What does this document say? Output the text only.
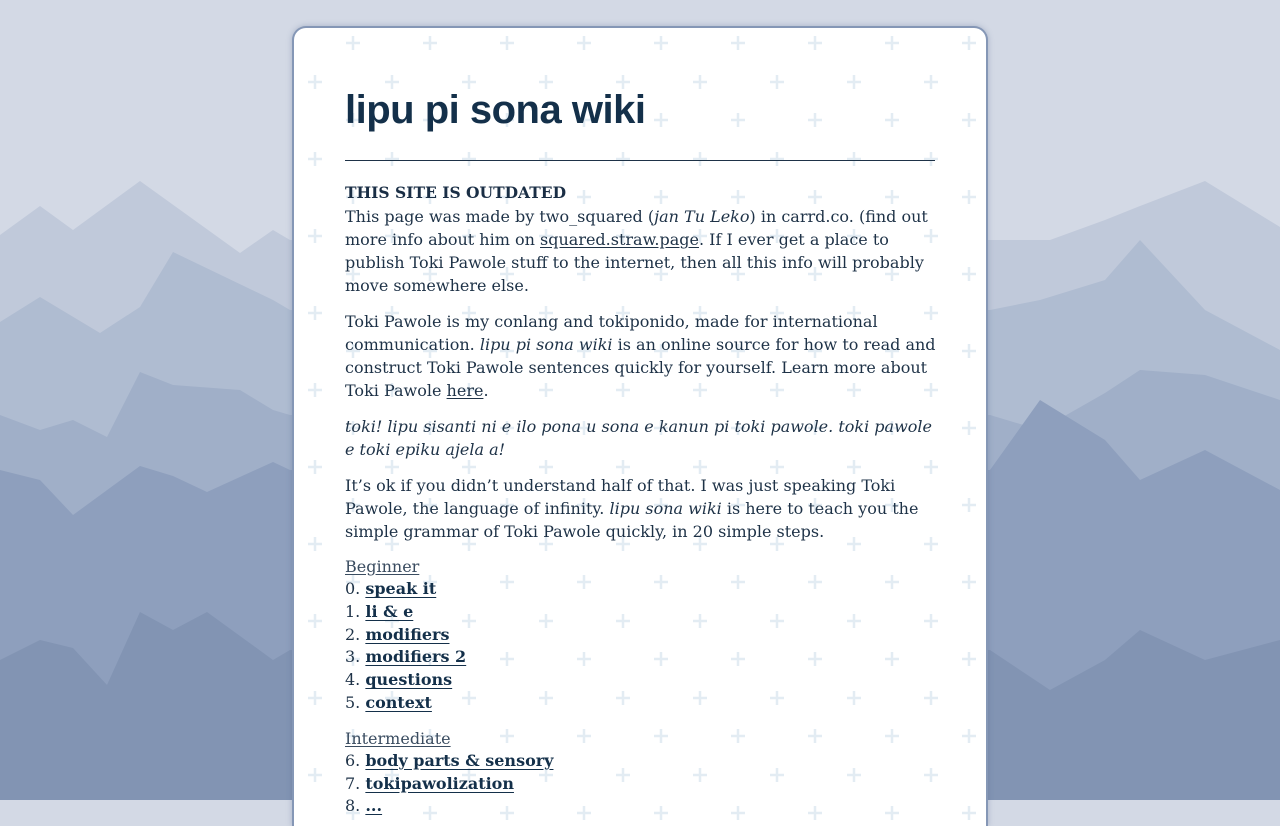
lipu pi sona wiki
THIS SITE IS OUTDATED

This page was made by two_squared (jan Tu Leko) in carrd.co. (find out more info about him on squared.straw.page. If I ever get a place to publish Toki Pawole stuff to the internet, then all this info will probably move somewhere else.

Toki Pawole is my conlang and tokiponido, made for international communication. lipu pi sona wiki is an online source for how to read and construct Toki Pawole sentences quickly for yourself. Learn more about Toki Pawole here.

toki! lipu sisanti ni e ilo pona u sona e kanun pi toki pawole. toki pawole e toki epiku ajela a!

It’s ok if you didn’t understand half of that. I was just speaking Toki Pawole, the language of infinity. lipu sona wiki is here to teach you the simple grammar of Toki Pawole quickly, in 20 simple steps.

Beginner
0. speak it
1. li & e
2. modifiers
3. modifiers 2
4. questions
5. context
Intermediate
6. body parts & sensory
7. tokipawolization
8. ...
